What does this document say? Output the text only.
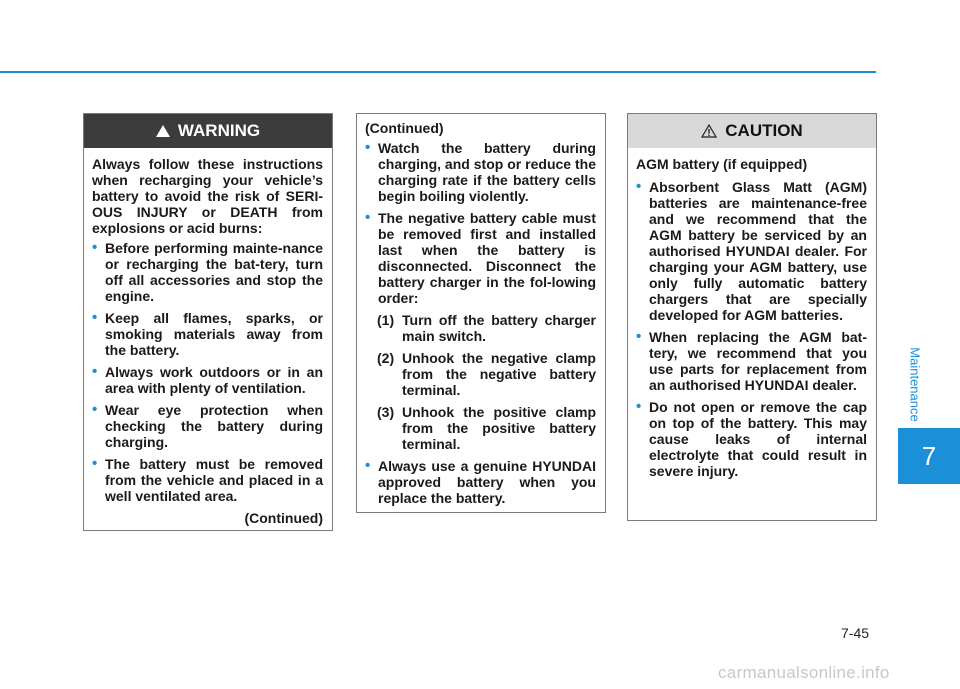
WARNING

Always follow these instructions when recharging your vehicle’s battery to avoid the risk of SERI-OUS INJURY or DEATH from explosions or acid burns:

• Before performing mainte-nance or recharging the bat-tery, turn off all accessories and stop the engine.
• Keep all flames, sparks, or smoking materials away from the battery.
• Always work outdoors or in an area with plenty of ventilation.
• Wear eye protection when checking the battery during charging.
• The battery must be removed from the vehicle and placed in a well ventilated area.

(Continued)

(Continued)

• Watch the battery during charging, and stop or reduce the charging rate if the battery cells begin boiling violently.
• The negative battery cable must be removed first and installed last when the battery is disconnected. Disconnect the battery charger in the fol-lowing order:
(1) Turn off the battery charger main switch.
(2) Unhook the negative clamp from the negative battery terminal.
(3) Unhook the positive clamp from the positive battery terminal.
• Always use a genuine HYUNDAI approved battery when you replace the battery.
CAUTION

AGM battery (if equipped)

• Absorbent Glass Matt (AGM) batteries are maintenance-free and we recommend that the AGM battery be serviced by an authorised HYUNDAI dealer. For charging your AGM battery, use only fully automatic battery chargers that are specially developed for AGM batteries.
• When replacing the AGM bat-tery, we recommend that you use parts for replacement from an authorised HYUNDAI dealer.
• Do not open or remove the cap on top of the battery. This may cause leaks of internal electrolyte that could result in severe injury.
Maintenance
7
7-45
carmanualsonline.info
